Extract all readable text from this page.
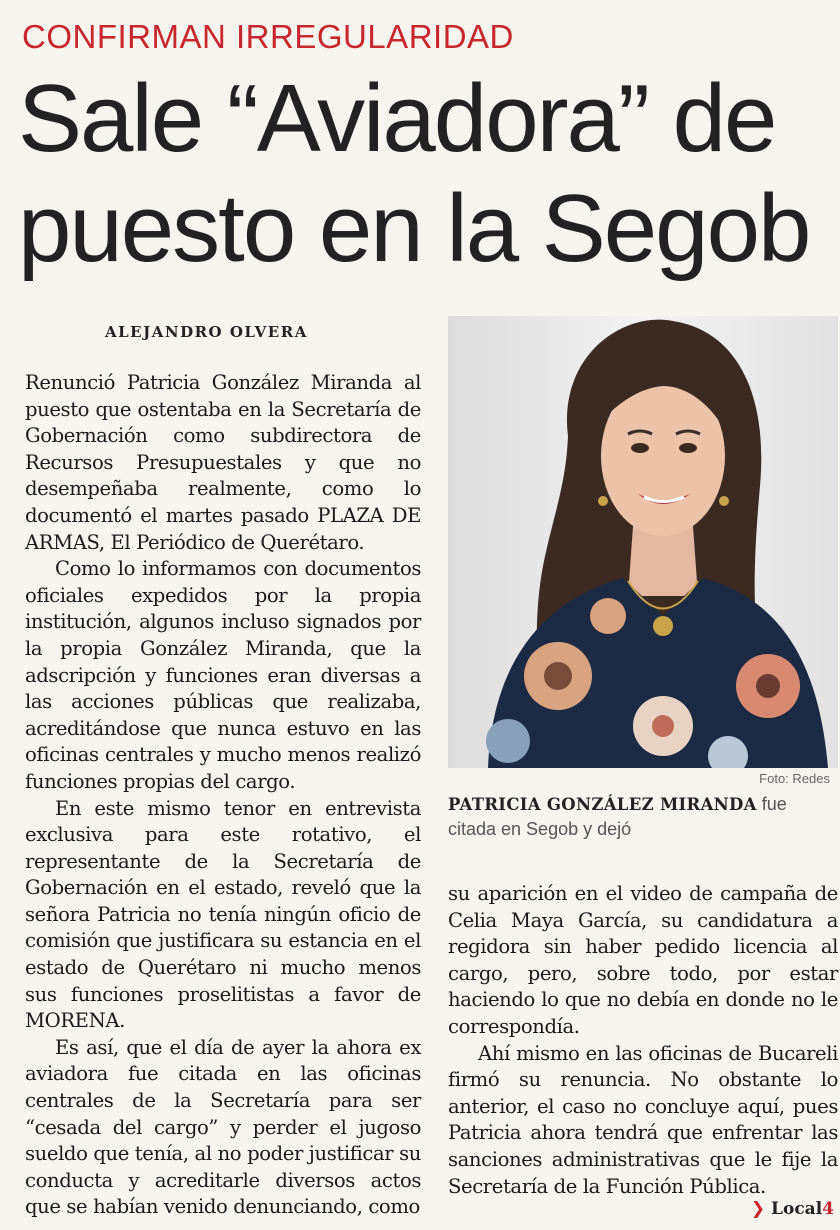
CONFIRMAN IRREGULARIDAD
Sale “Aviadora” de
puesto en la Segob
ALEJANDRO OLVERA

Renunció Patricia González Miranda al puesto que ostentaba en la Secretaría de Gobernación como subdirectora de Recursos Presupuestales y que no desempeñaba realmente, como lo documentó el martes pasado PLAZA DE ARMAS, El Periódico de Querétaro.

Como lo informamos con documentos oficiales expedidos por la propia institución, algunos incluso signados por la propia González Miranda, que la adscripción y funciones eran diversas a las acciones públicas que realizaba, acreditándose que nunca estuvo en las oficinas centrales y mucho menos realizó funciones propias del cargo.

En este mismo tenor en entrevista exclusiva para este rotativo, el representante de la Secretaría de Gobernación en el estado, reveló que la señora Patricia no tenía ningún oficio de comisión que justificara su estancia en el estado de Querétaro ni mucho menos sus funciones proselitistas a favor de MORENA.

Es así, que el día de ayer la ahora ex aviadora fue citada en las oficinas centrales de la Secretaría para ser “cesada del cargo” y perder el jugoso sueldo que tenía, al no poder justificar su conducta y acreditarle diversos actos que se habían venido denunciando, como

Foto: Redes
PATRICIA GONZÁLEZ MIRANDA fue citada en Segob y dejó

su aparición en el video de campaña de Celia Maya García, su candidatura a regidora sin haber pedido licencia al cargo, pero, sobre todo, por estar haciendo lo que no debía en donde no le correspondía.

Ahí mismo en las oficinas de Bucareli firmó su renuncia. No obstante lo anterior, el caso no concluye aquí, pues Patricia ahora tendrá que enfrentar las sanciones administrativas que le fije la Secretaría de la Función Pública.

❯ Local4
